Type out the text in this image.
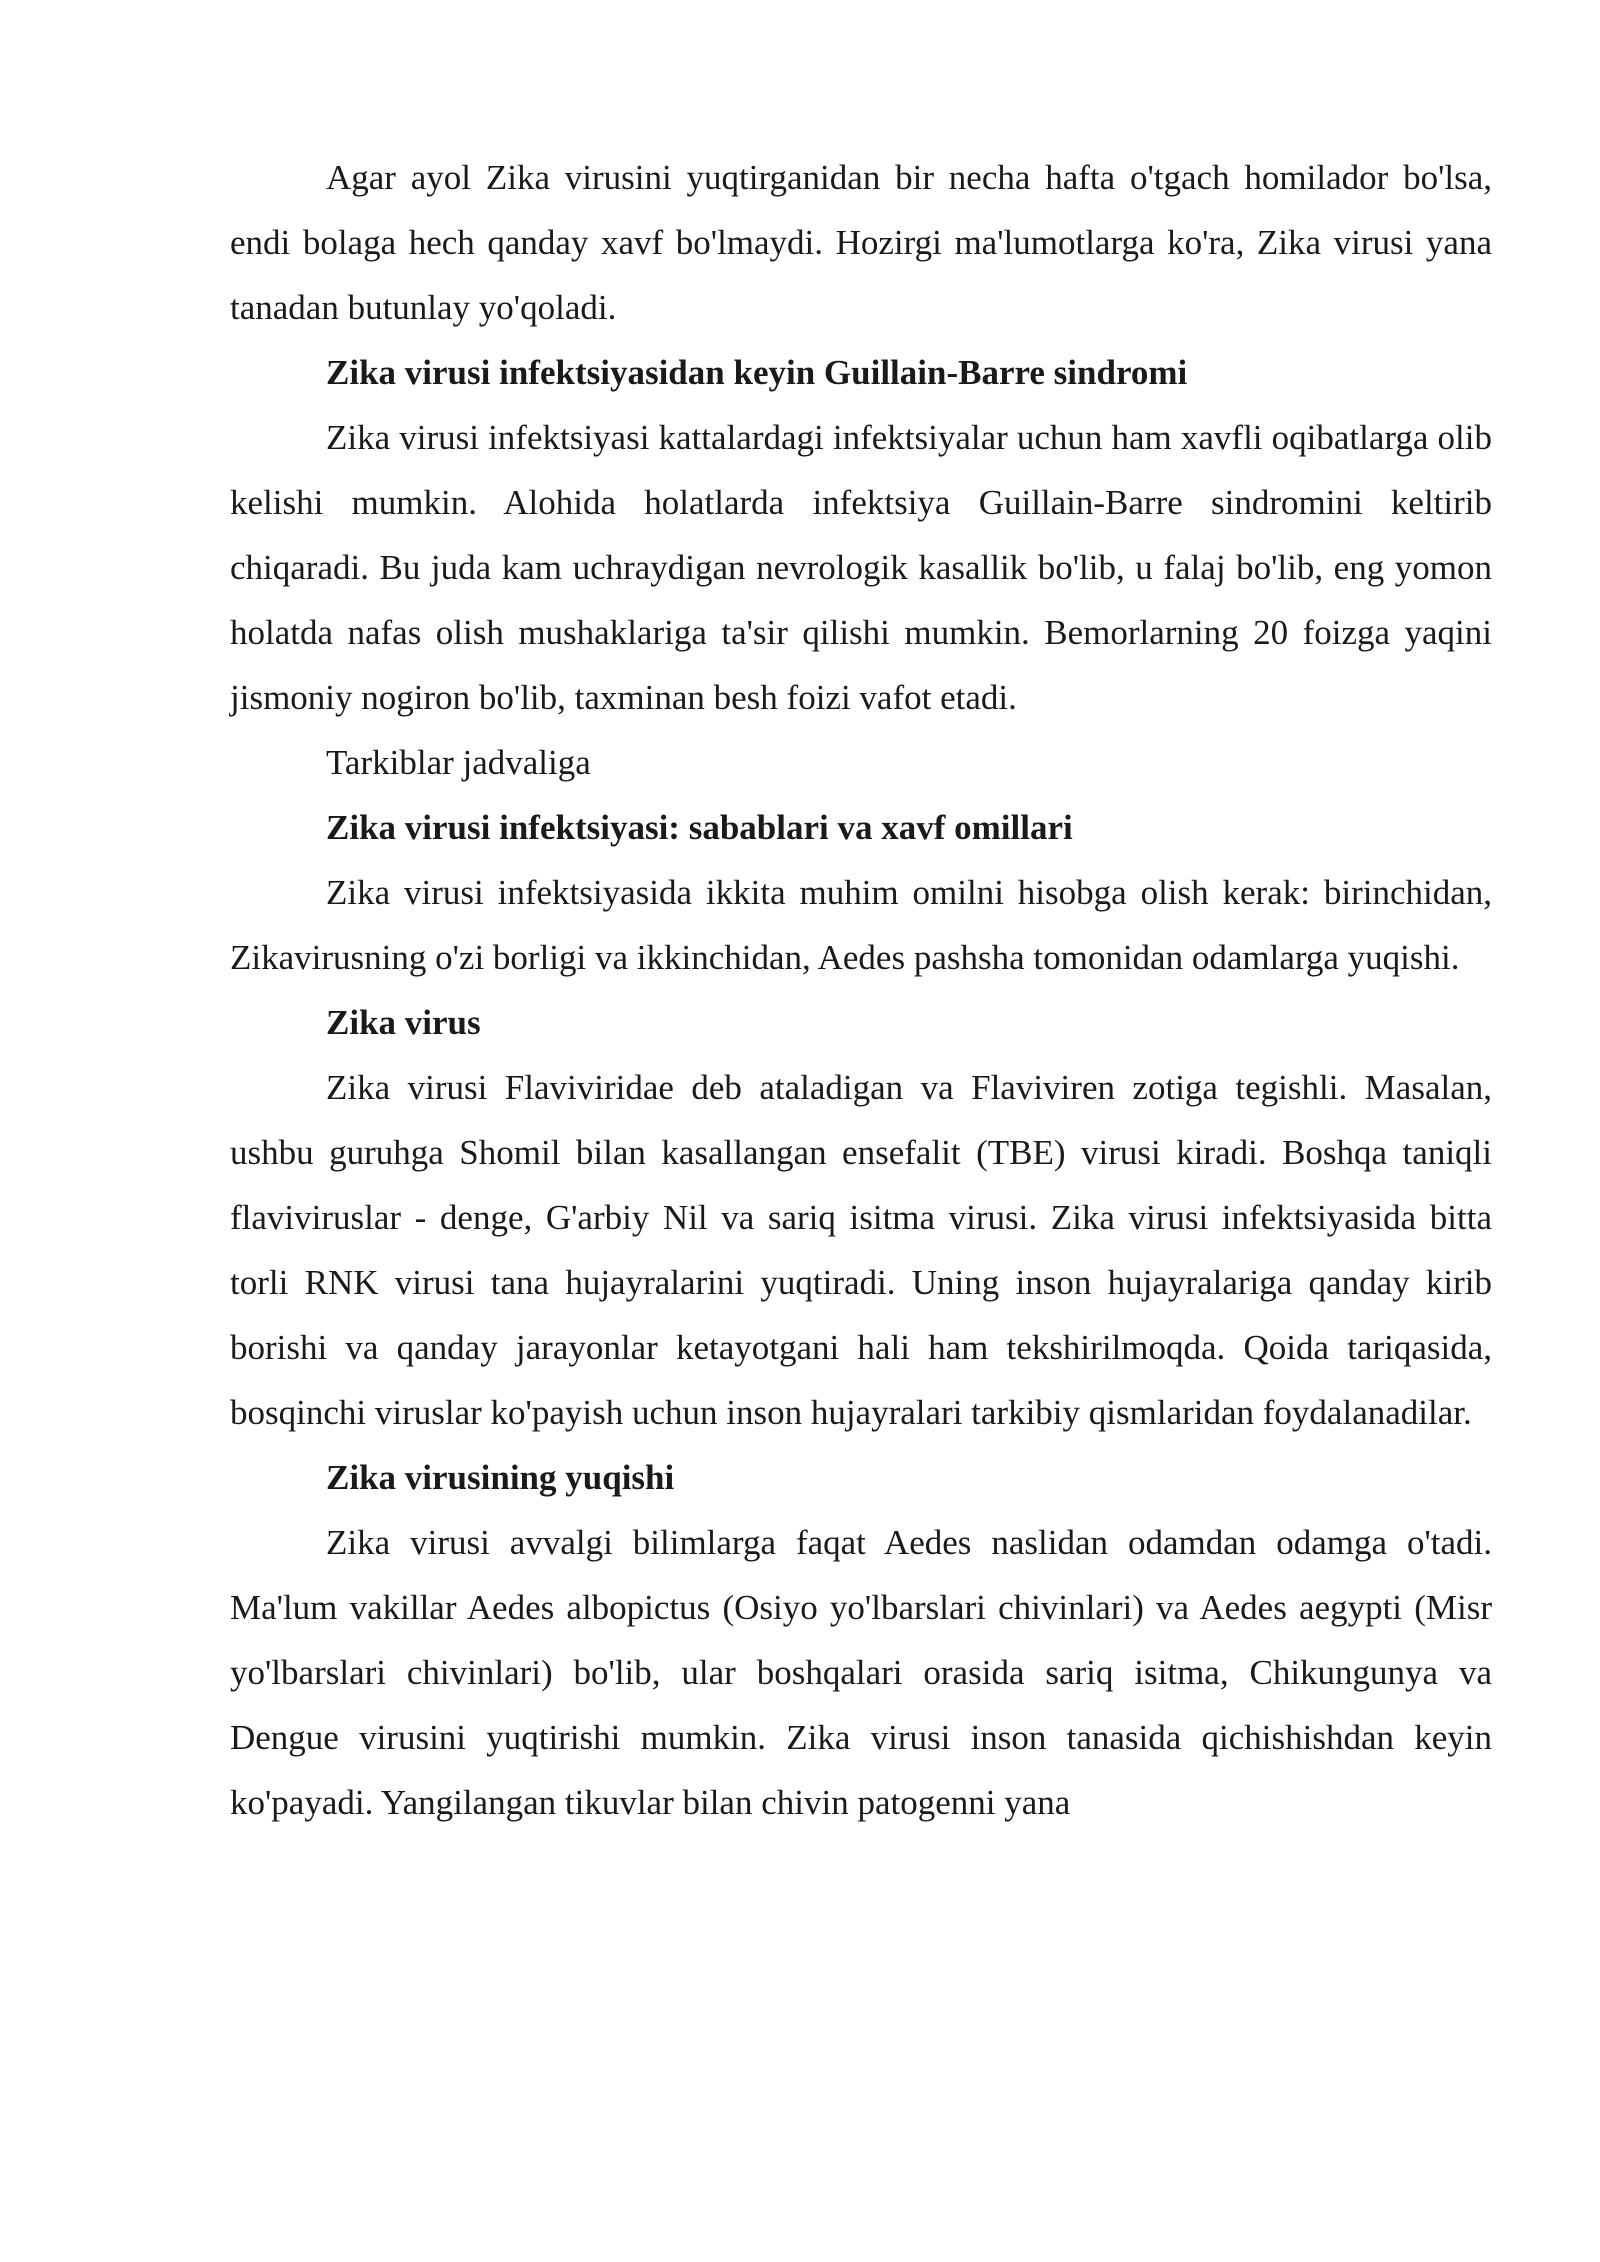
Agar ayol Zika virusini yuqtirganidan bir necha hafta o'tgach homilador bo'lsa, endi bolaga hech qanday xavf bo'lmaydi. Hozirgi ma'lumotlarga ko'ra, Zika virusi yana tanadan butunlay yo'qoladi.

Zika virusi infektsiyasidan keyin Guillain-Barre sindromi

Zika virusi infektsiyasi kattalardagi infektsiyalar uchun ham xavfli oqibatlarga olib kelishi mumkin. Alohida holatlarda infektsiya Guillain-Barre sindromini keltirib chiqaradi. Bu juda kam uchraydigan nevrologik kasallik bo'lib, u falaj bo'lib, eng yomon holatda nafas olish mushaklariga ta'sir qilishi mumkin. Bemorlarning 20 foizga yaqini jismoniy nogiron bo'lib, taxminan besh foizi vafot etadi.

Tarkiblar jadvaliga

Zika virusi infektsiyasi: sabablari va xavf omillari

Zika virusi infektsiyasida ikkita muhim omilni hisobga olish kerak: birinchidan, Zikavirusning o'zi borligi va ikkinchidan, Aedes pashsha tomonidan odamlarga yuqishi.

Zika virus

Zika virusi Flaviviridae deb ataladigan va Flaviviren zotiga tegishli. Masalan, ushbu guruhga Shomil bilan kasallangan ensefalit (TBE) virusi kiradi. Boshqa taniqli flaviviruslar - denge, G'arbiy Nil va sariq isitma virusi. Zika virusi infektsiyasida bitta torli RNK virusi tana hujayralarini yuqtiradi. Uning inson hujayralariga qanday kirib borishi va qanday jarayonlar ketayotgani hali ham tekshirilmoqda. Qoida tariqasida, bosqinchi viruslar ko'payish uchun inson hujayralari tarkibiy qismlaridan foydalanadilar.

Zika virusining yuqishi

Zika virusi avvalgi bilimlarga faqat Aedes naslidan odamdan odamga o'tadi. Ma'lum vakillar Aedes albopictus (Osiyo yo'lbarslari chivinlari) va Aedes aegypti (Misr yo'lbarslari chivinlari) bo'lib, ular boshqalari orasida sariq isitma, Chikungunya va Dengue virusini yuqtirishi mumkin. Zika virusi inson tanasida qichishishdan keyin ko'payadi. Yangilangan tikuvlar bilan chivin patogenni yana
